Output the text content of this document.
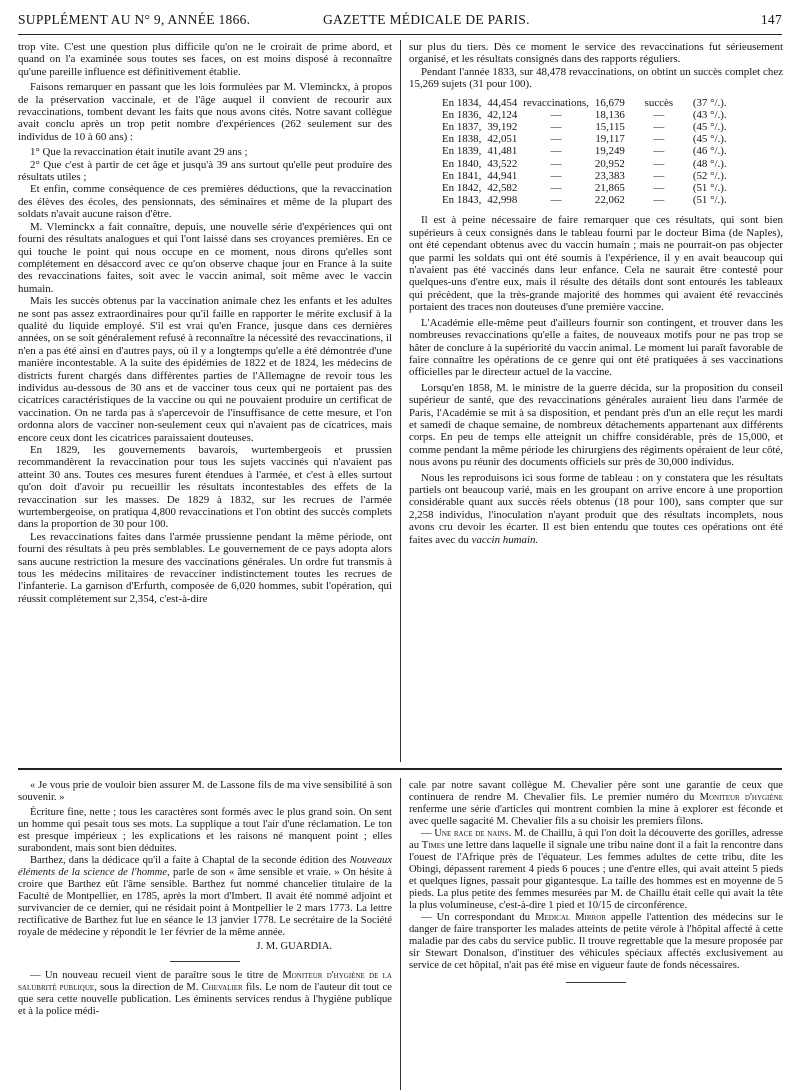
SUPPLÉMENT AU N° 9, ANNÉE 1866.	GAZETTE MÉDICALE DE PARIS.	147

trop vite. C'est une question plus difficile qu'on ne le croirait de prime abord, et quand on l'a examinée sous toutes ses faces, on est moins disposé à reconnaître qu'une pareille influence est définitivement établie.

Faisons remarquer en passant que les lois formulées par M. Vleminckx, à propos de la préservation vaccinale, et de l'âge auquel il convient de recourir aux revaccinations, tombent devant les faits que nous avons cités. Notre savant collègue avait conclu après un trop petit nombre d'expériences (262 seulement sur des individus de 10 à 60 ans) :

1° Que la revaccination était inutile avant 29 ans ;

2° Que c'est à partir de cet âge et jusqu'à 39 ans surtout qu'elle peut produire des résultats utiles ;

Et enfin, comme conséquence de ces premières déductions, que la revaccination des élèves des écoles, des pensionnats, des séminaires et même de la plupart des soldats n'avait aucune raison d'être.

M. Vleminckx a fait connaître, depuis, une nouvelle série d'expériences qui ont fourni des résultats analogues et qui l'ont laissé dans ses croyances premières. En ce qui touche le point qui nous occupe en ce moment, nous dirons qu'elles sont complétement en désaccord avec ce qu'on observe chaque jour en France à la suite des revaccinations faites, soit avec le vaccin animal, soit même avec le vaccin humain.

Mais les succès obtenus par la vaccination animale chez les enfants et les adultes ne sont pas assez extraordinaires pour qu'il faille en rapporter le mérite exclusif à la qualité du liquide employé. S'il est vrai qu'en France, jusque dans ces dernières années, on se soit généralement refusé à reconnaître la nécessité des revaccinations, il n'en a pas été ainsi en d'autres pays, où il y a longtemps qu'elle a été démontrée d'une manière incontestable. A la suite des épidémies de 1822 et de 1824, les médecins de districts furent chargés dans différentes parties de l'Allemagne de revoir tous les individus au-dessous de 30 ans et de vacciner tous ceux qui ne portaient pas des cicatrices caractéristiques de la vaccine ou qui ne pouvaient produire un certificat de vaccination. On ne tarda pas à s'apercevoir de l'insuffisance de cette mesure, et l'on ordonna alors de vacciner non-seulement ceux qui n'avaient pas de cicatrices, mais encore ceux dont les cicatrices paraissaient douteuses.

En 1829, les gouvernements bavarois, wurtembergeois et prussien recommandèrent la revaccination pour tous les sujets vaccinés qui n'avaient pas atteint 30 ans. Toutes ces mesures furent étendues à l'armée, et c'est à elles surtout qu'on doit d'avoir pu recueillir les résultats incontestables des effets de la revaccination sur les masses. De 1829 à 1832, sur les recrues de l'armée wurtembergeoise, on pratiqua 4,800 revaccinations et l'on obtint des succès complets dans la proportion de 30 pour 100.

Les revaccinations faites dans l'armée prussienne pendant la même période, ont fourni des résultats à peu près semblables. Le gouvernement de ce pays adopta alors sans aucune restriction la mesure des vaccinations générales. Un ordre fut transmis à tous les médecins militaires de revacciner indistinctement toutes les recrues de l'infanterie. La garnison d'Erfurth, composée de 6,020 hommes, subit l'opération, qui réussit complétement sur 2,354, c'est-à-dire

sur plus du tiers. Dès ce moment le service des revaccinations fut sérieusement organisé, et les résultats consignés dans des rapports réguliers.

Pendant l'année 1833, sur 48,478 revaccinations, on obtint un succès complet chez 15,269 sujets (31 pour 100).

En 1834,	44,454	revaccinations,	16,679	succès	(37 °/.).
En 1836,	42,124	—	18,136	—	(43 °/.).
En 1837,	39,192	—	15,115	—	(45 °/.).
En 1838,	42,051	—	19,117	—	(45 °/.).
En 1839,	41,481	—	19,249	—	(46 °/.).
En 1840,	43,522	—	20,952	—	(48 °/.).
En 1841,	44,941	—	23,383	—	(52 °/.).
En 1842,	42,582	—	21,865	—	(51 °/.).
En 1843,	42,998	—	22,062	—	(51 °/.).

Il est à peine nécessaire de faire remarquer que ces résultats, qui sont bien supérieurs à ceux consignés dans le tableau fourni par le docteur Bima (de Naples), ont été cependant obtenus avec du vaccin humain ; mais ne pourrait-on pas objecter que parmi les soldats qui ont été soumis à l'expérience, il y en avait beaucoup qui n'avaient pas été vaccinés dans leur enfance. Cela ne saurait être contesté pour quelques-uns d'entre eux, mais il résulte des détails dont sont entourés les tableaux qui précèdent, que la très-grande majorité des hommes qui avaient été revaccinés portaient des traces non douteuses d'une première vaccine.

L'Académie elle-même peut d'ailleurs fournir son contingent, et trouver dans les nombreuses revaccinations qu'elle a faites, de nouveaux motifs pour ne pas trop se hâter de conclure à la supériorité du vaccin animal. Le moment lui paraît favorable de faire connaître les opérations de ce genre qui ont été pratiquées à ses vaccinations officielles par le directeur actuel de la vaccine.

Lorsqu'en 1858, M. le ministre de la guerre décida, sur la proposition du conseil supérieur de santé, que des revaccinations générales auraient lieu dans l'armée de Paris, l'Académie se mit à sa disposition, et pendant près d'un an elle reçut les mardi et samedi de chaque semaine, de nombreux détachements appartenant aux différents corps. En peu de temps elle atteignit un chiffre considérable, près de 15,000, et comme pendant la même période les chirurgiens des régiments opéraient de leur côté, nous avons pu réunir des documents officiels sur près de 30,000 individus.

Nous les reproduisons ici sous forme de tableau : on y constatera que les résultats partiels ont beaucoup varié, mais en les groupant on arrive encore à une proportion considérable quant aux succès réels obtenus (18 pour 100), sans compter que sur 2,258 individus, l'inoculation n'ayant produit que des résultats incomplets, nous avons cru devoir les écarter. Il est bien entendu que toutes ces opérations ont été faites avec du vaccin humain.

« Je vous prie de vouloir bien assurer M. de Lassone fils de ma vive sensibilité à son souvenir. »

Écriture fine, nette ; tous les caractères sont formés avec le plus grand soin. On sent un homme qui pesait tous ses mots. La supplique a tout l'air d'une réclamation. Le ton est presque impérieux ; les explications et les raisons né manquent point ; elles surabondent, mais sont bien déduites.

Barthez, dans la dédicace qu'il a faite à Chaptal de la seconde édition des Nouveaux éléments de la science de l'homme, parle de son « âme sensible et vraie. » On hésite à croire que Barthez eût l'âme sensible. Barthez fut nommé chancelier titulaire de la Faculté de Montpellier, en 1785, après la mort d'Imbert. Il avait été nommé adjoint et survivancier de ce dernier, qui ne résidait point à Montpellier le 2 mars 1773. La lettre rectificative de Barthez fut lue en séance le 13 janvier 1778. Le secrétaire de la Société royale de médecine y répondit le 1er février de la même année.

J. M. GUARDIA.

— Un nouveau recueil vient de paraître sous le titre de Moniteur d'hygiène de la salubrité publique, sous la direction de M. Chevalier fils. Le nom de l'auteur dit tout ce que sera cette nouvelle publication. Les éminents services rendus à l'hygiène publique et à la police médi-

cale par notre savant collègue M. Chevalier père sont une garantie de ceux que continuera de rendre M. Chevalier fils. Le premier numéro du Moniteur d'hygiène renferme une série d'articles qui montrent combien la mine à explorer est féconde et avec quelle sagacité M. Chevalier fils a su choisir les premiers filons.

— Une race de nains. M. de Chaillu, à qui l'on doit la découverte des gorilles, adresse au Times une lettre dans laquelle il signale une tribu naine dont il a fait la rencontre dans l'ouest de l'Afrique près de l'équateur. Les femmes adultes de cette tribu, dite les Obingi, dépassent rarement 4 pieds 6 pouces ; une d'entre elles, qui avait atteint 5 pieds et quelques lignes, passait pour gigantesque. La taille des hommes est en moyenne de 5 pieds. La plus petite des femmes mesurées par M. de Chaillu était celle qui avait la tête la plus volumineuse, c'est-à-dire 1 pied et 10/15 de circonférence.

— Un correspondant du Medical Mirror appelle l'attention des médecins sur le danger de faire transporter les malades atteints de petite vérole à l'hôpital affecté à cette maladie par des cabs du service public. Il trouve regrettable que la mesure proposée par sir Stewart Donalson, d'instituer des véhicules spéciaux affectés exclusivement au service de cet hôpital, n'ait pas été mise en vigueur faute de fonds nécessaires.
